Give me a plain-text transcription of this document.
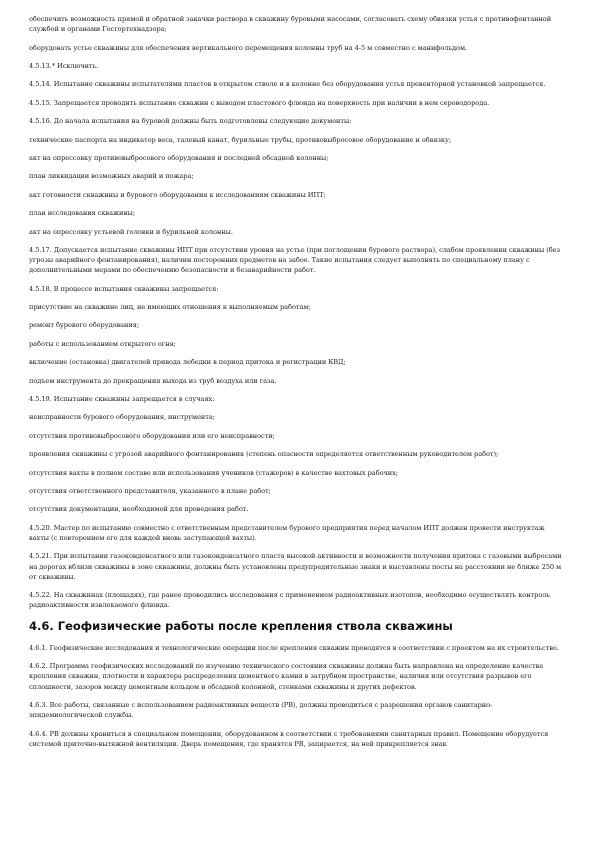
обеспечить возможность прямой и обратной закачки раствора в скважину буровыми насосами, согласовать схему обвязки устья с противофонтанной службой и органами Госгортехнадзора;

оборудовать устье скважины для обеспечения вертикального перемещения колонны труб на 4-5 м совместно с манифольдом.

4.5.13.* Исключить.

4.5.14. Испытание скважины испытателями пластов в открытом стволе и в колонне без оборудования устья превенторной установкой запрещается.

4.5.15. Запрещается проводить испытание скважин с выводом пластового флюида на поверхность при наличии в нем сероводорода.

4.5.16. До начала испытания на буровой должны быть подготовлены следующие документы:

технические паспорта на индикатор веса, талевый канат, бурильные трубы, противовыбросовое оборудование и обвязку;

акт на опрессовку противовыбросового оборудования и последней обсадной колонны;

план ликвидации возможных аварий и пожара;

акт готовности скважины и бурового оборудования к исследованиям скважины ИПТ;

план исследования скважины;

акт на опрессовку устьевой головки и бурильной колонны.

4.5.17. Допускается испытание скважины ИПТ при отсутствии уровня на устье (при поглощении бурового раствора), слабом проявлении скважины (без угрозы аварийного фонтанирования), наличии посторонних предметов на забое. Такие испытания следует выполнять по специальному плану с дополнительными мерами по обеспечению безопасности и безаварийности работ.

4.5.18. В процессе испытания скважины запрещается:

присутствие на скважине лиц, не имеющих отношения к выполняемым работам;

ремонт бурового оборудования;

работы с использованием открытого огня;

включение (остановка) двигателей привода лебедки в период притока и регистрации КВД;

подъем инструмента до прекращения выхода из труб воздуха или газа.

4.5.19. Испытание скважины запрещается в случаях:

неисправности бурового оборудования, инструмента;

отсутствия противовыбросового оборудования или его неисправности;

проявления скважины с угрозой аварийного фонтанирования (степень опасности определяется ответственным руководителем работ);

отсутствия вахты в полном составе или использования учеников (стажеров) в качестве вахтовых рабочих;

отсутствия ответственного представителя, указанного в плане работ;

отсутствия документации, необходимой для проведения работ.

4.5.20. Мастер по испытанию совместно с ответственным представителем бурового предприятия перед началом ИПТ должен провести инструктаж вахты (с повторением его для каждой вновь заступающей вахты).

4.5.21. При испытании газоконденсатного или газоконденсатного пласта высокой активности и возможности получения притока с газовыми выбросами на дорогах вблизи скважины в зоне скважины, должны быть установлены предупредительные знаки и выставлены посты на расстоянии не ближе 250 м от скважины.

4.5.22. На скважинах (площадях), где ранее проводились исследования с применением радиоактивных изотопов, необходимо осуществлять контроль радиоактивности извлекаемого флюида.

4.6. Геофизические работы после крепления ствола скважины

4.6.1. Геофизические исследования и технологические операции после крепления скважин проводятся в соответствии с проектом на их строительство.

4.6.2. Программа геофизических исследований по изучению технического состояния скважины должна быть направлена на определение качества крепления скважин, плотности и характера распределения цементного камня в затрубном пространстве, наличия или отсутствия разрывов его сплошности, зазоров между цементным кольцом и обсадной колонной, стенками скважины и других дефектов.

4.6.3. Все работы, связанные с использованием радиоактивных веществ (РВ), должны проводиться с разрешения органов санитарно-эпидемиологической службы.

4.6.4. РВ должны храниться в специальном помещении, оборудованном в соответствии с требованиями санитарных правил. Помещение оборудуется системой приточно-вытяжной вентиляции. Дверь помещения, где хранятся РВ, запирается, на ней прикрепляется знак
